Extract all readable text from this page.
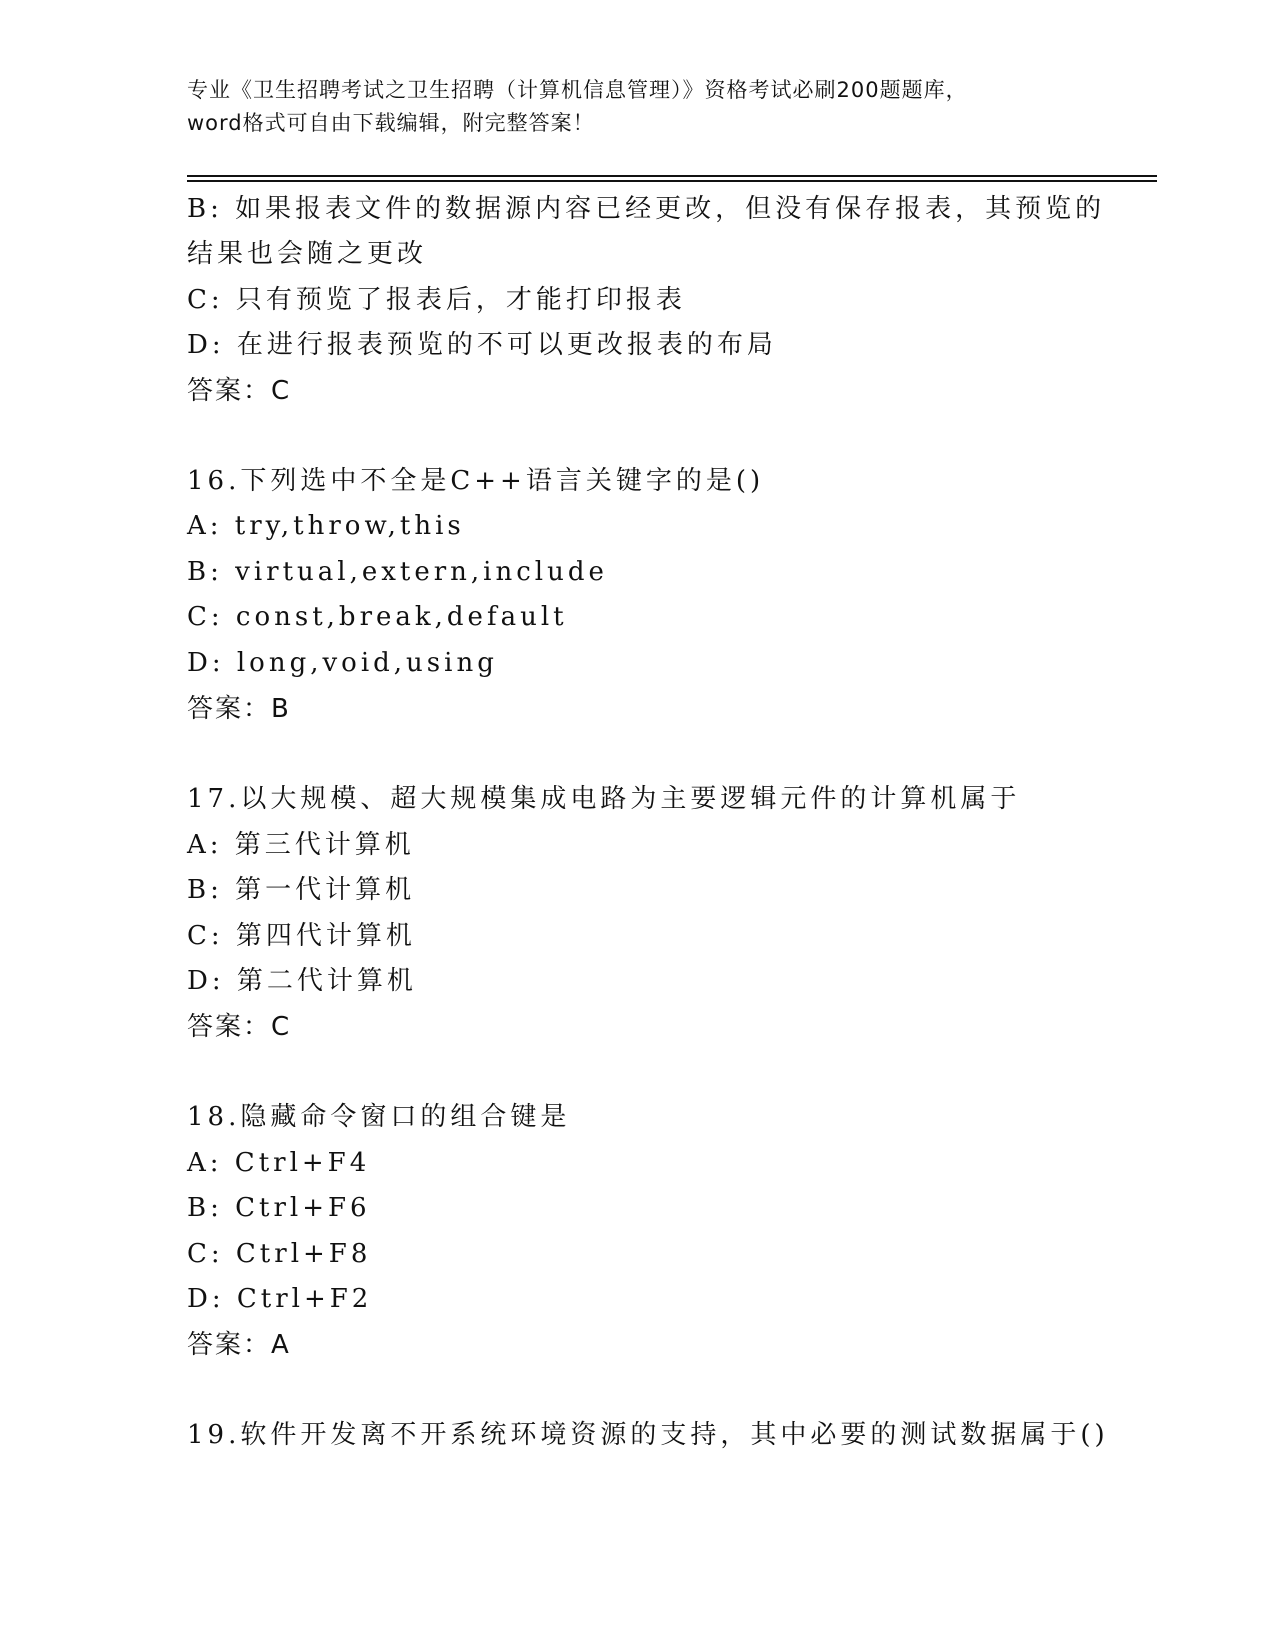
专业《卫生招聘考试之卫生招聘（计算机信息管理）》资格考试必刷200题题库，
word格式可自由下载编辑，附完整答案！
B: 如果报表文件的数据源内容已经更改，但没有保存报表，其预览的
结果也会随之更改
C: 只有预览了报表后，才能打印报表
D: 在进行报表预览的不可以更改报表的布局
答案：C
16.下列选中不全是C++语言关键字的是()
A: try,throw,this
B: virtual,extern,include
C: const,break,default
D: long,void,using
答案：B
17.以大规模、超大规模集成电路为主要逻辑元件的计算机属于
A: 第三代计算机
B: 第一代计算机
C: 第四代计算机
D: 第二代计算机
答案：C
18.隐藏命令窗口的组合键是
A: Ctrl+F4
B: Ctrl+F6
C: Ctrl+F8
D: Ctrl+F2
答案：A
19.软件开发离不开系统环境资源的支持，其中必要的测试数据属于()
